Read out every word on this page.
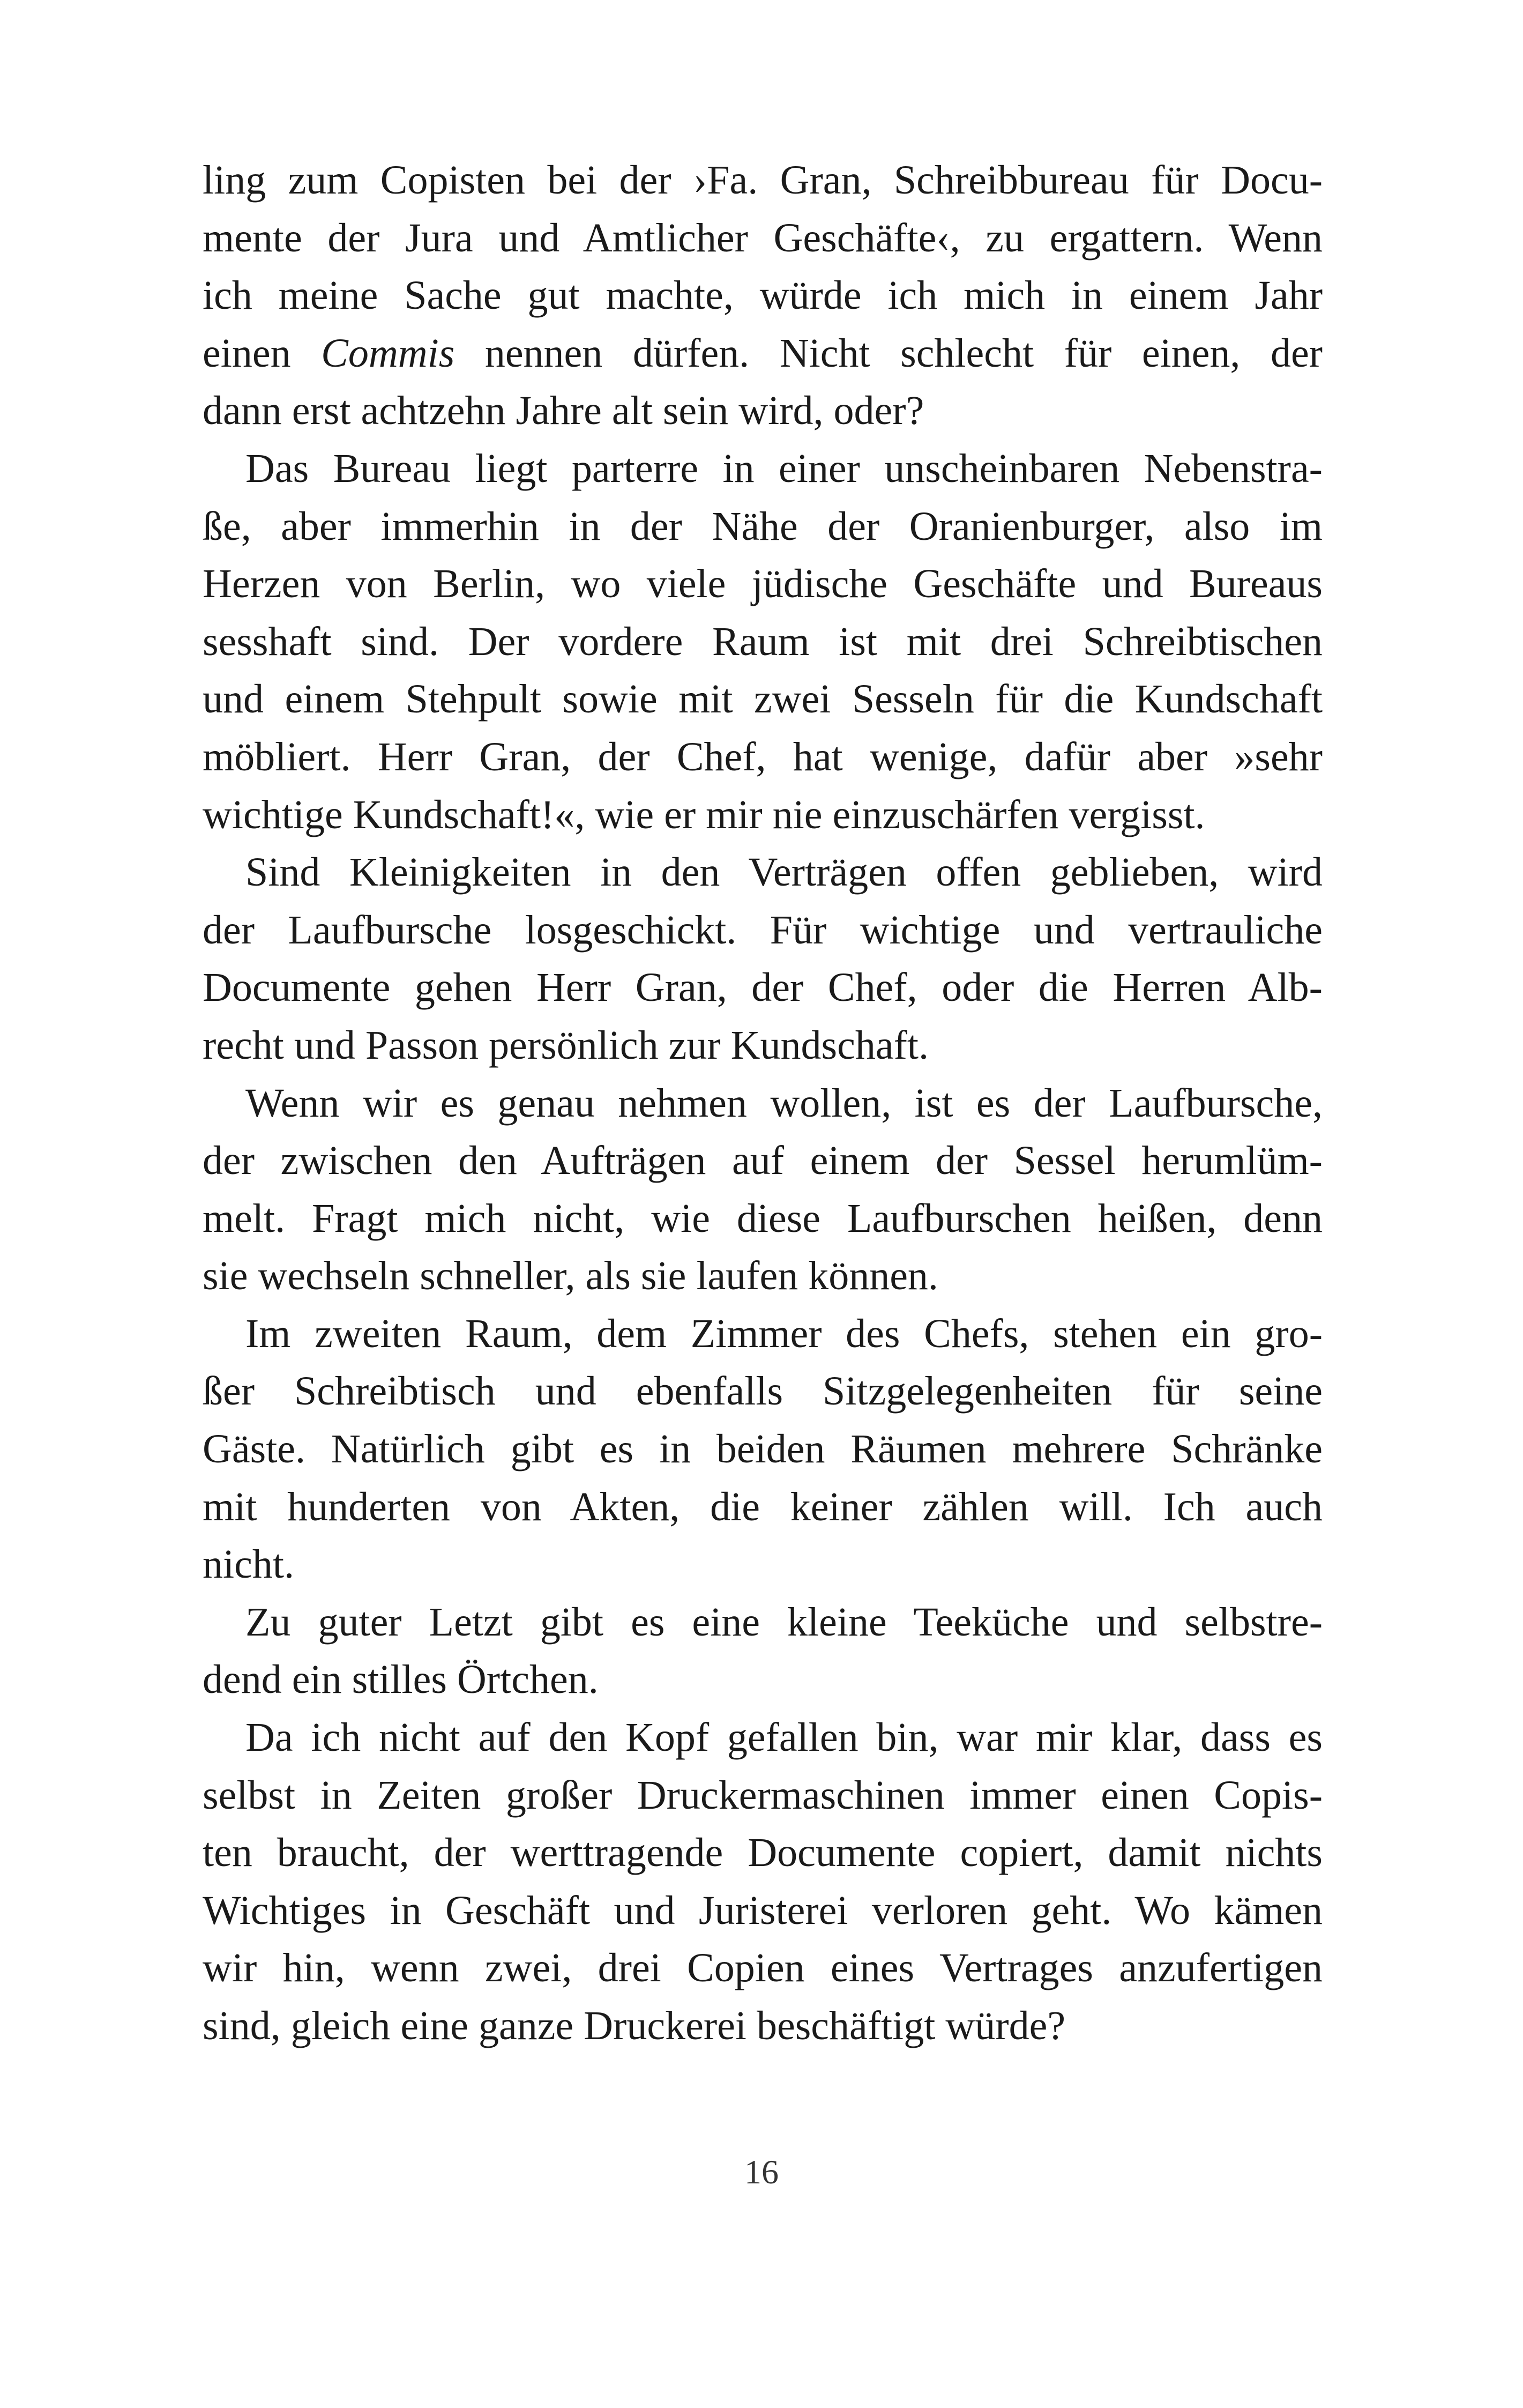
ling zum Copisten bei der ›Fa. Gran, Schreibbureau für Docu-
mente der Jura und Amtlicher Geschäfte‹, zu ergattern. Wenn
ich meine Sache gut machte, würde ich mich in einem Jahr
einen Commis nennen dürfen. Nicht schlecht für einen, der
dann erst achtzehn Jahre alt sein wird, oder?
Das Bureau liegt parterre in einer unscheinbaren Nebenstra-
ße, aber immerhin in der Nähe der Oranienburger, also im
Herzen von Berlin, wo viele jüdische Geschäfte und Bureaus
sesshaft sind. Der vordere Raum ist mit drei Schreibtischen
und einem Stehpult sowie mit zwei Sesseln für die Kundschaft
möbliert. Herr Gran, der Chef, hat wenige, dafür aber »sehr
wichtige Kundschaft!«, wie er mir nie einzuschärfen vergisst.
Sind Kleinigkeiten in den Verträgen offen geblieben, wird
der Laufbursche losgeschickt. Für wichtige und vertrauliche
Documente gehen Herr Gran, der Chef, oder die Herren Alb-
recht und Passon persönlich zur Kundschaft.
Wenn wir es genau nehmen wollen, ist es der Laufbursche,
der zwischen den Aufträgen auf einem der Sessel herumlüm-
melt. Fragt mich nicht, wie diese Laufburschen heißen, denn
sie wechseln schneller, als sie laufen können.
Im zweiten Raum, dem Zimmer des Chefs, stehen ein gro-
ßer Schreibtisch und ebenfalls Sitzgelegenheiten für seine
Gäste. Natürlich gibt es in beiden Räumen mehrere Schränke
mit hunderten von Akten, die keiner zählen will. Ich auch
nicht.
Zu guter Letzt gibt es eine kleine Teeküche und selbstre-
dend ein stilles Örtchen.
Da ich nicht auf den Kopf gefallen bin, war mir klar, dass es
selbst in Zeiten großer Druckermaschinen immer einen Copis-
ten braucht, der werttragende Documente copiert, damit nichts
Wichtiges in Geschäft und Juristerei verloren geht. Wo kämen
wir hin, wenn zwei, drei Copien eines Vertrages anzufertigen
sind, gleich eine ganze Druckerei beschäftigt würde?
16
